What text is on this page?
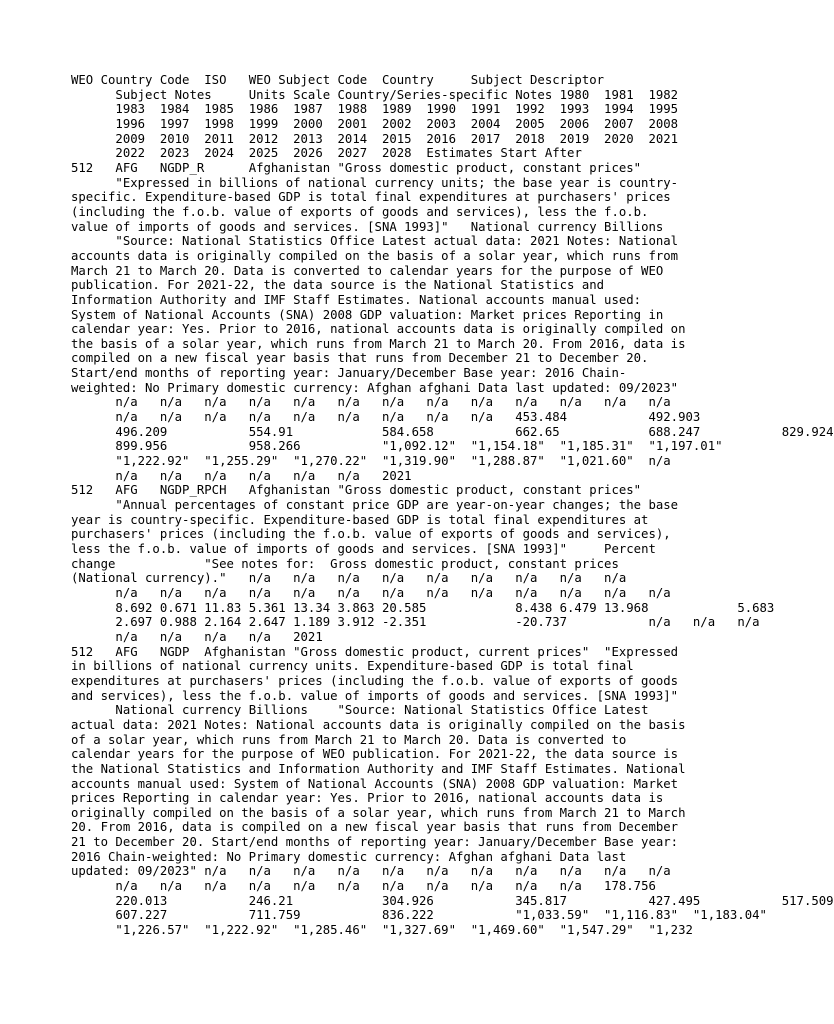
WEO Country Code	ISO	WEO Subject Code	Country	Subject Descriptor
	Subject Notes	Units	Scale	Country/Series-specific Notes	1980	1981	1982
	1983	1984	1985	1986	1987	1988	1989	1990	1991	1992	1993	1994	1995
	1996	1997	1998	1999	2000	2001	2002	2003	2004	2005	2006	2007	2008
	2009	2010	2011	2012	2013	2014	2015	2016	2017	2018	2019	2020	2021
	2022	2023	2024	2025	2026	2027	2028	Estimates Start After
512	AFG	NGDP_R	Afghanistan	"Gross domestic product, constant prices"
	"Expressed in billions of national currency units; the base year is country-
specific. Expenditure-based GDP is total final expenditures at purchasers' prices
(including the f.o.b. value of exports of goods and services), less the f.o.b.
value of imports of goods and services. [SNA 1993]"	National currency	Billions
	"Source: National Statistics Office Latest actual data: 2021 Notes: National
accounts data is originally compiled on the basis of a solar year, which runs from
March 21 to March 20. Data is converted to calendar years for the purpose of WEO
publication. For 2021-22, the data source is the National Statistics and
Information Authority and IMF Staff Estimates. National accounts manual used:
System of National Accounts (SNA) 2008 GDP valuation: Market prices Reporting in
calendar year: Yes. Prior to 2016, national accounts data is originally compiled on
the basis of a solar year, which runs from March 21 to March 20. From 2016, data is
compiled on a new fiscal year basis that runs from December 21 to December 20.
Start/end months of reporting year: January/December Base year: 2016 Chain-
weighted: No Primary domestic currency: Afghan afghani Data last updated: 09/2023"
	n/a	n/a	n/a	n/a	n/a	n/a	n/a	n/a	n/a	n/a	n/a	n/a	n/a
	n/a	n/a	n/a	n/a	n/a	n/a	n/a	n/a	n/a	453.484		492.903
	496.209		554.91		584.658		662.65		688.247		829.924
	899.956		958.266		"1,092.12"	"1,154.18"	"1,185.31"	"1,197.01"
	"1,222.92"	"1,255.29"	"1,270.22"	"1,319.90"	"1,288.87"	"1,021.60"	n/a
	n/a	n/a	n/a	n/a	n/a	n/a	2021
512	AFG	NGDP_RPCH	Afghanistan	"Gross domestic product, constant prices"
	"Annual percentages of constant price GDP are year-on-year changes; the base
year is country-specific. Expenditure-based GDP is total final expenditures at
purchasers' prices (including the f.o.b. value of exports of goods and services),
less the f.o.b. value of imports of goods and services. [SNA 1993]"	Percent
change		"See notes for:  Gross domestic product, constant prices
(National currency)."	n/a	n/a	n/a	n/a	n/a	n/a	n/a	n/a	n/a
	n/a	n/a	n/a	n/a	n/a	n/a	n/a	n/a	n/a	n/a	n/a	n/a	n/a
	8.692	0.671	11.83	5.361	13.34	3.863	20.585		8.438	6.479	13.968		5.683
	2.697	0.988	2.164	2.647	1.189	3.912	-2.351		-20.737		n/a	n/a	n/a
	n/a	n/a	n/a	n/a	2021
512	AFG	NGDP	Afghanistan	"Gross domestic product, current prices"	"Expressed
in billions of national currency units. Expenditure-based GDP is total final
expenditures at purchasers' prices (including the f.o.b. value of exports of goods
and services), less the f.o.b. value of imports of goods and services. [SNA 1993]"
	National currency	Billions	"Source: National Statistics Office Latest
actual data: 2021 Notes: National accounts data is originally compiled on the basis
of a solar year, which runs from March 21 to March 20. Data is converted to
calendar years for the purpose of WEO publication. For 2021-22, the data source is
the National Statistics and Information Authority and IMF Staff Estimates. National
accounts manual used: System of National Accounts (SNA) 2008 GDP valuation: Market
prices Reporting in calendar year: Yes. Prior to 2016, national accounts data is
originally compiled on the basis of a solar year, which runs from March 21 to March
20. From 2016, data is compiled on a new fiscal year basis that runs from December
21 to December 20. Start/end months of reporting year: January/December Base year:
2016 Chain-weighted: No Primary domestic currency: Afghan afghani Data last
updated: 09/2023"	n/a	n/a	n/a	n/a	n/a	n/a	n/a	n/a	n/a	n/a	n/a
	n/a	n/a	n/a	n/a	n/a	n/a	n/a	n/a	n/a	n/a	n/a	178.756
	220.013		246.21		304.926		345.817		427.495		517.509
	607.227		711.759		836.222		"1,033.59"	"1,116.83"	"1,183.04"
	"1,226.57"	"1,222.92"	"1,285.46"	"1,327.69"	"1,469.60"	"1,547.29"	"1,232
